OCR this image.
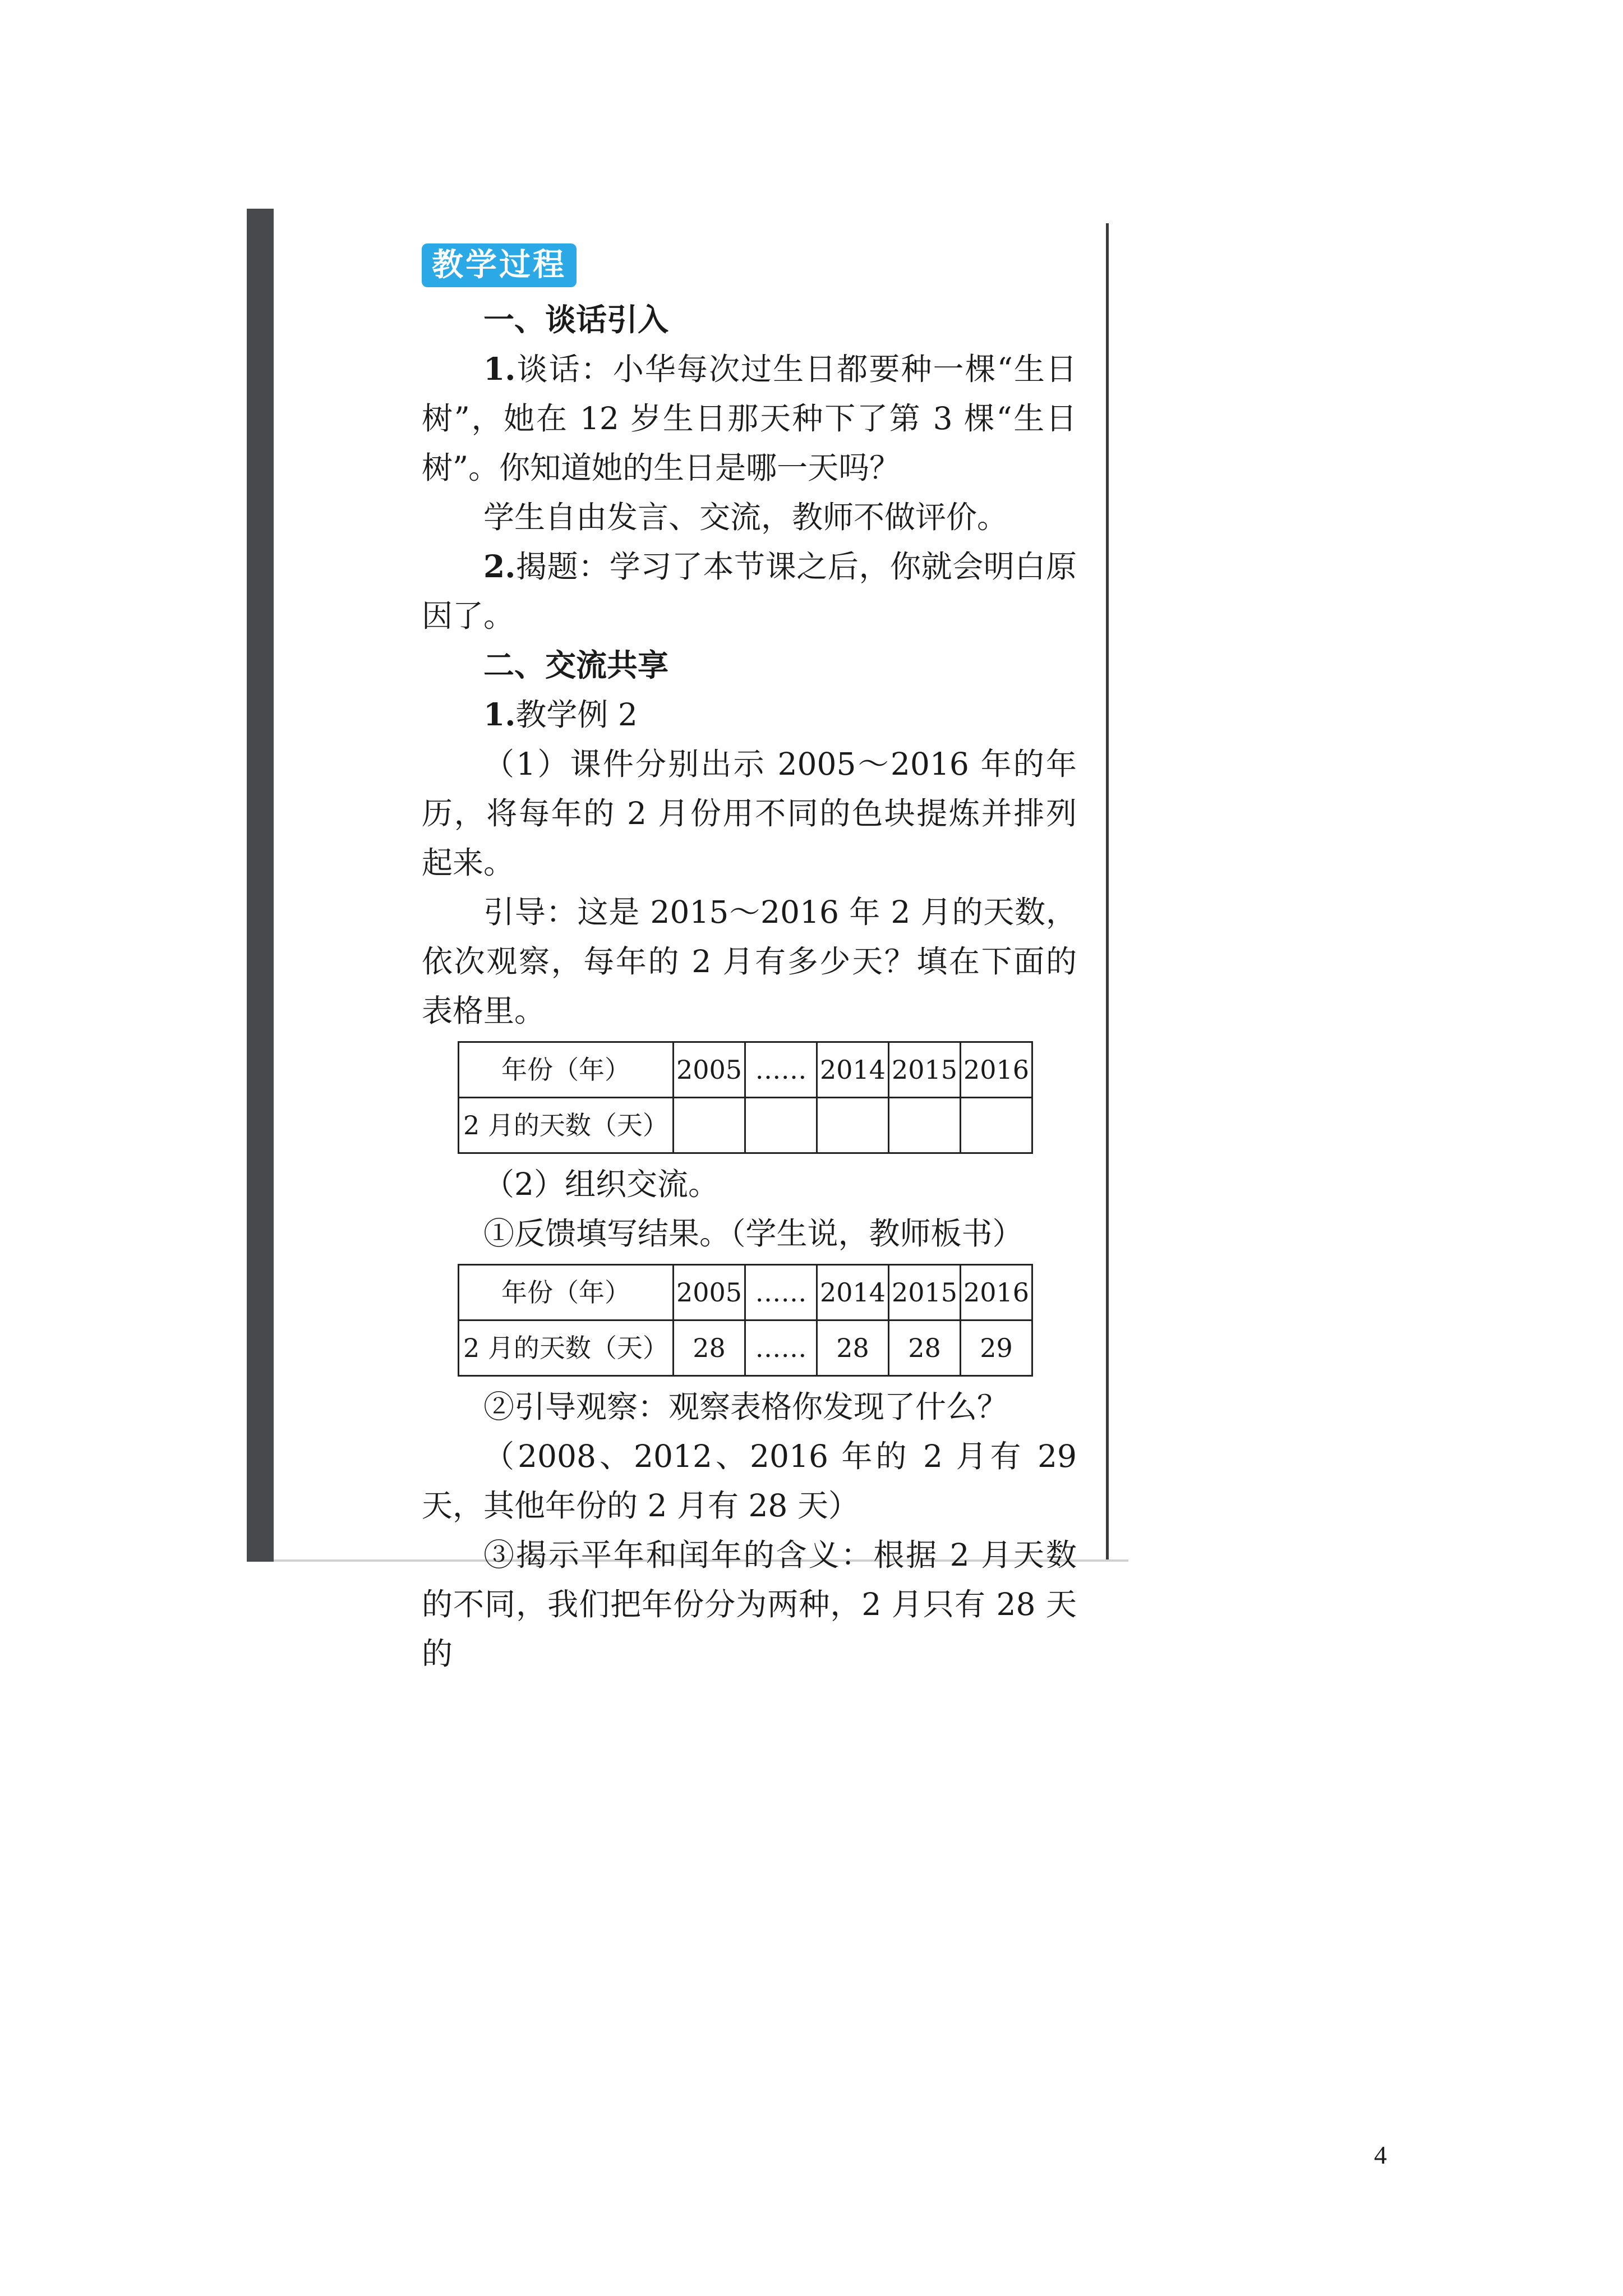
教学过程

一、谈话引入

1.谈话：小华每次过生日都要种一棵“生日树”，她在 12 岁生日那天种下了第 3 棵“生日树”。你知道她的生日是哪一天吗？

学生自由发言、交流，教师不做评价。

2.揭题：学习了本节课之后，你就会明白原因了。

二、交流共享

1.教学例 2

（1）课件分别出示 2005～2016 年的年历，将每年的 2 月份用不同的色块提炼并排列起来。

引导：这是 2015～2016 年 2 月的天数，依次观察，每年的 2 月有多少天？填在下面的表格里。

年份（年）	2005	……	2014	2015	2016
2 月的天数（天）					

（2）组织交流。

①反馈填写结果。（学生说，教师板书）

年份（年）	2005	……	2014	2015	2016
2 月的天数（天）	28	……	28	28	29

②引导观察：观察表格你发现了什么？

（2008、2012、2016 年的 2 月有 29 天，其他年份的 2 月有 28 天）

③揭示平年和闰年的含义：根据 2 月天数的不同，我们把年份分为两种，2 月只有 28 天的

4
